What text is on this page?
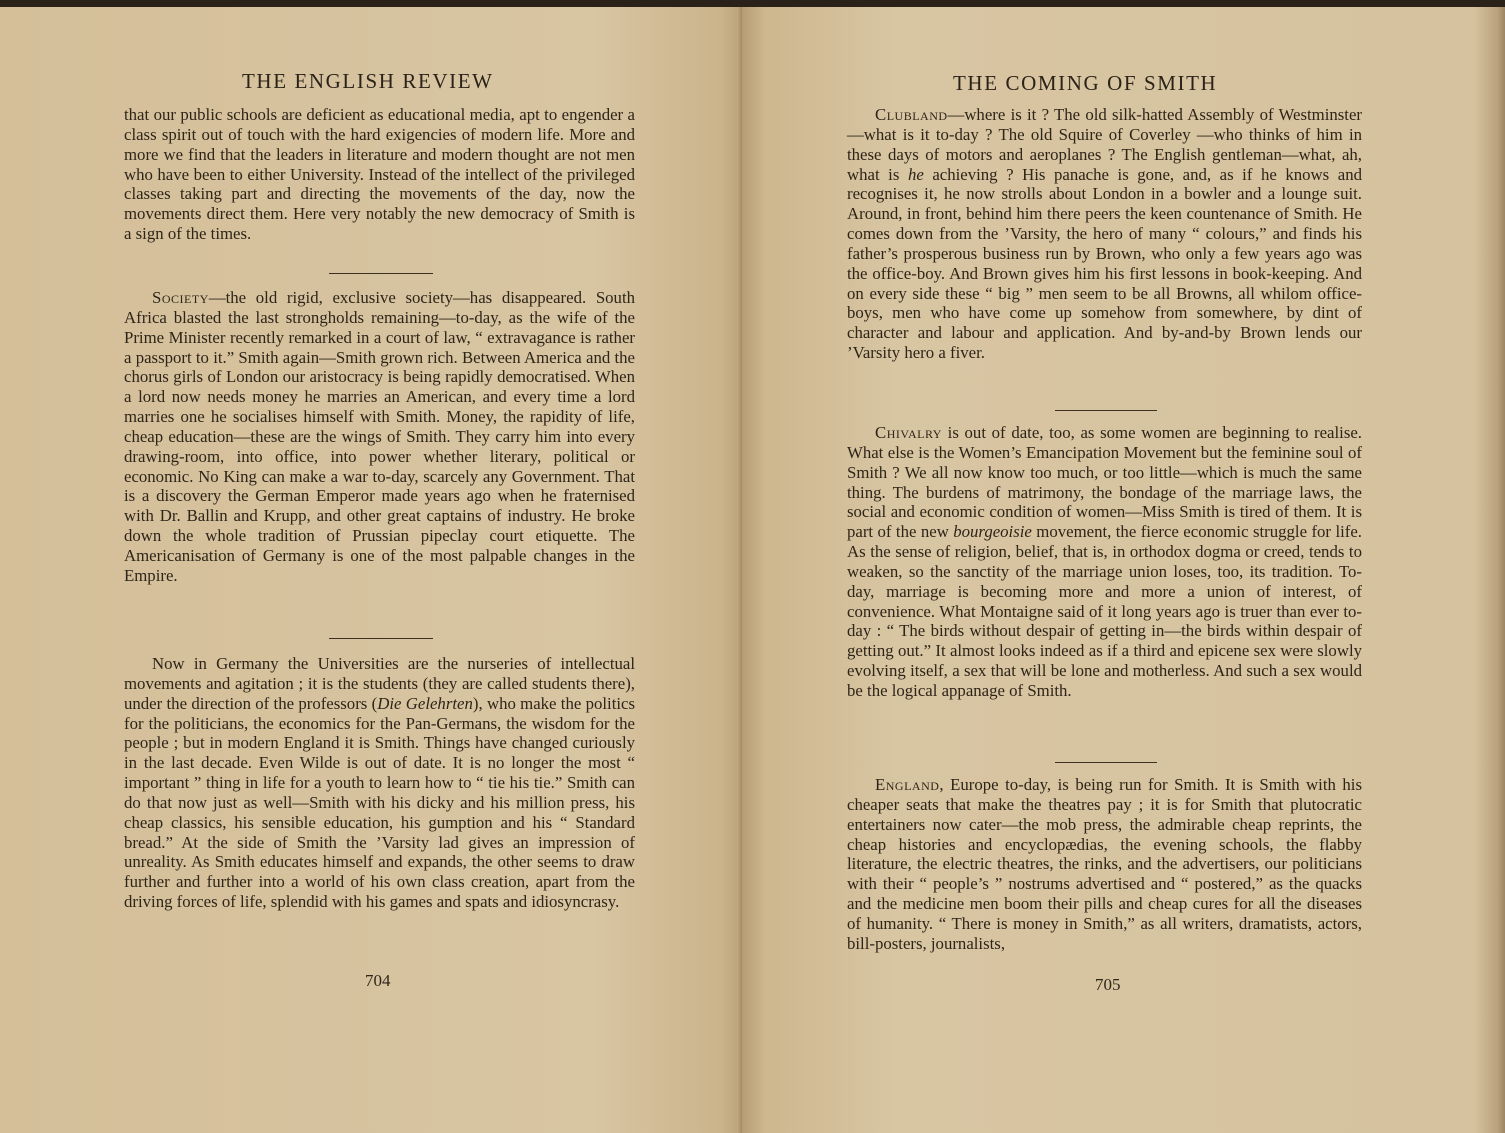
THE ENGLISH REVIEW

that our public schools are deficient as educational media, apt to engender a class spirit out of touch with the hard exigencies of modern life. More and more we find that the leaders in literature and modern thought are not men who have been to either University. Instead of the intellect of the privileged classes taking part and directing the movements of the day, now the movements direct them. Here very notably the new democracy of Smith is a sign of the times.

Society—the old rigid, exclusive society—has disappeared. South Africa blasted the last strongholds remaining—to-day, as the wife of the Prime Minister recently remarked in a court of law, “ extravagance is rather a passport to it.” Smith again—Smith grown rich. Between America and the chorus girls of London our aristocracy is being rapidly democratised. When a lord now needs money he marries an American, and every time a lord marries one he socialises himself with Smith. Money, the rapidity of life, cheap education—these are the wings of Smith. They carry him into every drawing-room, into office, into power whether literary, political or economic. No King can make a war to-day, scarcely any Government. That is a discovery the German Emperor made years ago when he fraternised with Dr. Ballin and Krupp, and other great captains of industry. He broke down the whole tradition of Prussian pipeclay court etiquette. The Americanisation of Germany is one of the most palpable changes in the Empire.

Now in Germany the Universities are the nurseries of intellectual movements and agitation ; it is the students (they are called students there), under the direction of the professors (Die Gelehrten), who make the politics for the politicians, the economics for the Pan-Germans, the wisdom for the people ; but in modern England it is Smith. Things have changed curiously in the last decade. Even Wilde is out of date. It is no longer the most “ important ” thing in life for a youth to learn how to “ tie his tie.” Smith can do that now just as well—Smith with his dicky and his million press, his cheap classics, his sensible education, his gumption and his “ Standard bread.” At the side of Smith the ’Varsity lad gives an impression of unreality. As Smith educates himself and expands, the other seems to draw further and further into a world of his own class creation, apart from the driving forces of life, splendid with his games and spats and idiosyncrasy.

704
THE COMING OF SMITH

Clubland—where is it ? The old silk-hatted Assembly of Westminster—what is it to-day ? The old Squire of Coverley —who thinks of him in these days of motors and aeroplanes ? The English gentleman—what, ah, what is he achieving ? His panache is gone, and, as if he knows and recognises it, he now strolls about London in a bowler and a lounge suit. Around, in front, behind him there peers the keen countenance of Smith. He comes down from the ’Varsity, the hero of many “ colours,” and finds his father’s prosperous business run by Brown, who only a few years ago was the office-boy. And Brown gives him his first lessons in book-keeping. And on every side these “ big ” men seem to be all Browns, all whilom office-boys, men who have come up somehow from somewhere, by dint of character and labour and application. And by-and-by Brown lends our ’Varsity hero a fiver.

Chivalry is out of date, too, as some women are beginning to realise. What else is the Women’s Emancipation Movement but the feminine soul of Smith ? We all now know too much, or too little—which is much the same thing. The burdens of matrimony, the bondage of the marriage laws, the social and economic condition of women—Miss Smith is tired of them. It is part of the new bourgeoisie movement, the fierce economic struggle for life. As the sense of religion, belief, that is, in orthodox dogma or creed, tends to weaken, so the sanctity of the marriage union loses, too, its tradition. To-day, marriage is becoming more and more a union of interest, of convenience. What Montaigne said of it long years ago is truer than ever to-day : “ The birds without despair of getting in—the birds within despair of getting out.” It almost looks indeed as if a third and epicene sex were slowly evolving itself, a sex that will be lone and motherless. And such a sex would be the logical appanage of Smith.

England, Europe to-day, is being run for Smith. It is Smith with his cheaper seats that make the theatres pay ; it is for Smith that plutocratic entertainers now cater—the mob press, the admirable cheap reprints, the cheap histories and encyclopædias, the evening schools, the flabby literature, the electric theatres, the rinks, and the advertisers, our politicians with their “ people’s ” nostrums advertised and “ postered,” as the quacks and the medicine men boom their pills and cheap cures for all the diseases of humanity. “ There is money in Smith,” as all writers, dramatists, actors, bill-posters, journalists,

705
